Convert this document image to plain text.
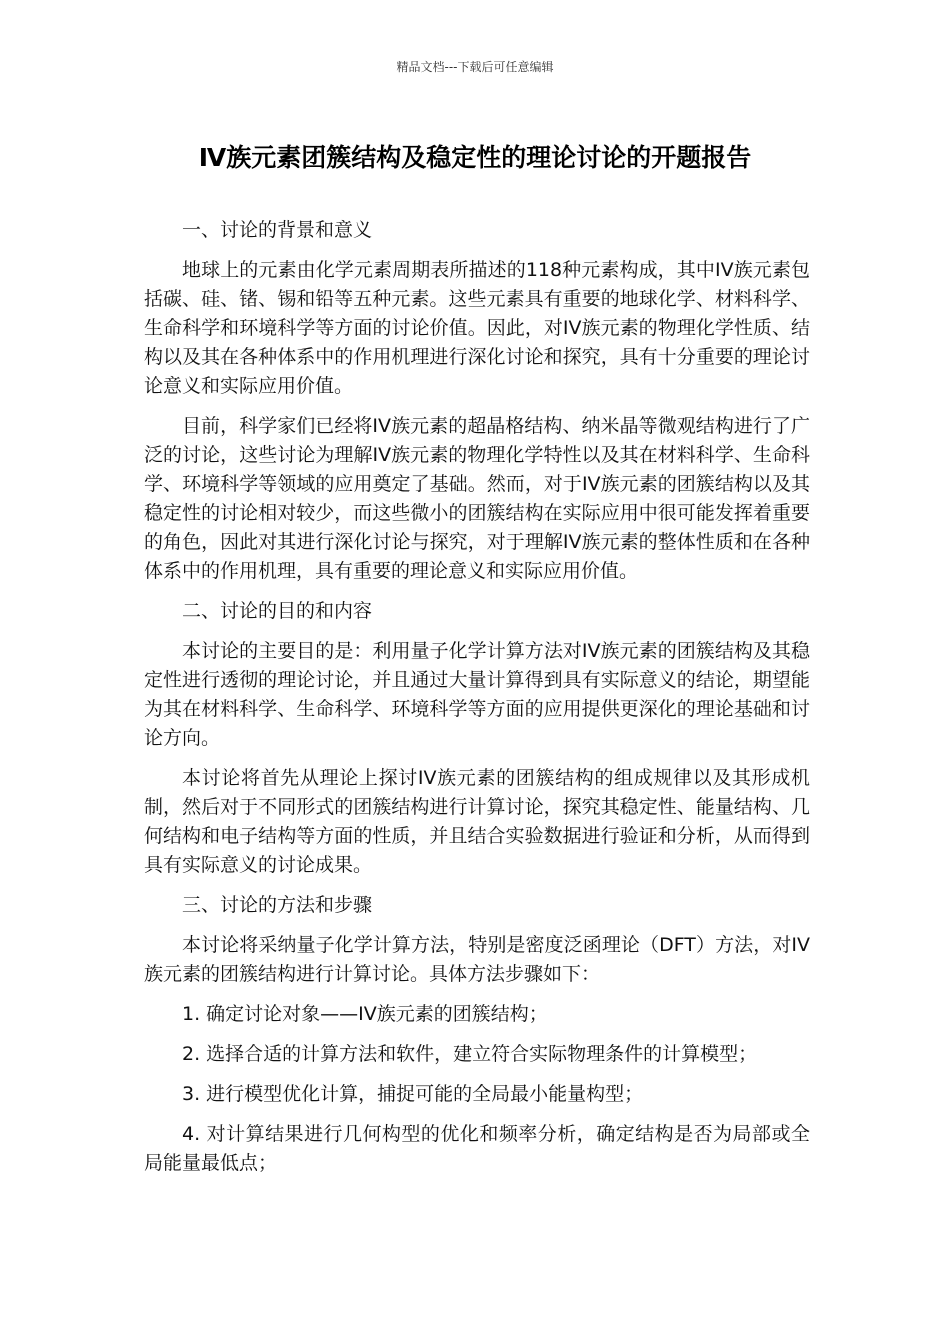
精品文档---下载后可任意编辑
Ⅳ族元素团簇结构及稳定性的理论讨论的开题报告

一、讨论的背景和意义

地球上的元素由化学元素周期表所描述的118种元素构成，其中IV族元素包括碳、硅、锗、锡和铅等五种元素。这些元素具有重要的地球化学、材料科学、生命科学和环境科学等方面的讨论价值。因此，对IV族元素的物理化学性质、结构以及其在各种体系中的作用机理进行深化讨论和探究，具有十分重要的理论讨论意义和实际应用价值。

目前，科学家们已经将IV族元素的超晶格结构、纳米晶等微观结构进行了广泛的讨论，这些讨论为理解IV族元素的物理化学特性以及其在材料科学、生命科学、环境科学等领域的应用奠定了基础。然而，对于IV族元素的团簇结构以及其稳定性的讨论相对较少，而这些微小的团簇结构在实际应用中很可能发挥着重要的角色，因此对其进行深化讨论与探究，对于理解IV族元素的整体性质和在各种体系中的作用机理，具有重要的理论意义和实际应用价值。

二、讨论的目的和内容

本讨论的主要目的是：利用量子化学计算方法对IV族元素的团簇结构及其稳定性进行透彻的理论讨论，并且通过大量计算得到具有实际意义的结论，期望能为其在材料科学、生命科学、环境科学等方面的应用提供更深化的理论基础和讨论方向。

本讨论将首先从理论上探讨IV族元素的团簇结构的组成规律以及其形成机制，然后对于不同形式的团簇结构进行计算讨论，探究其稳定性、能量结构、几何结构和电子结构等方面的性质，并且结合实验数据进行验证和分析，从而得到具有实际意义的讨论成果。

三、讨论的方法和步骤

本讨论将采纳量子化学计算方法，特别是密度泛函理论（DFT）方法，对IV族元素的团簇结构进行计算讨论。具体方法步骤如下：

1. 确定讨论对象——IV族元素的团簇结构；

2. 选择合适的计算方法和软件，建立符合实际物理条件的计算模型；

3. 进行模型优化计算，捕捉可能的全局最小能量构型；

4. 对计算结果进行几何构型的优化和频率分析，确定结构是否为局部或全局能量最低点；
